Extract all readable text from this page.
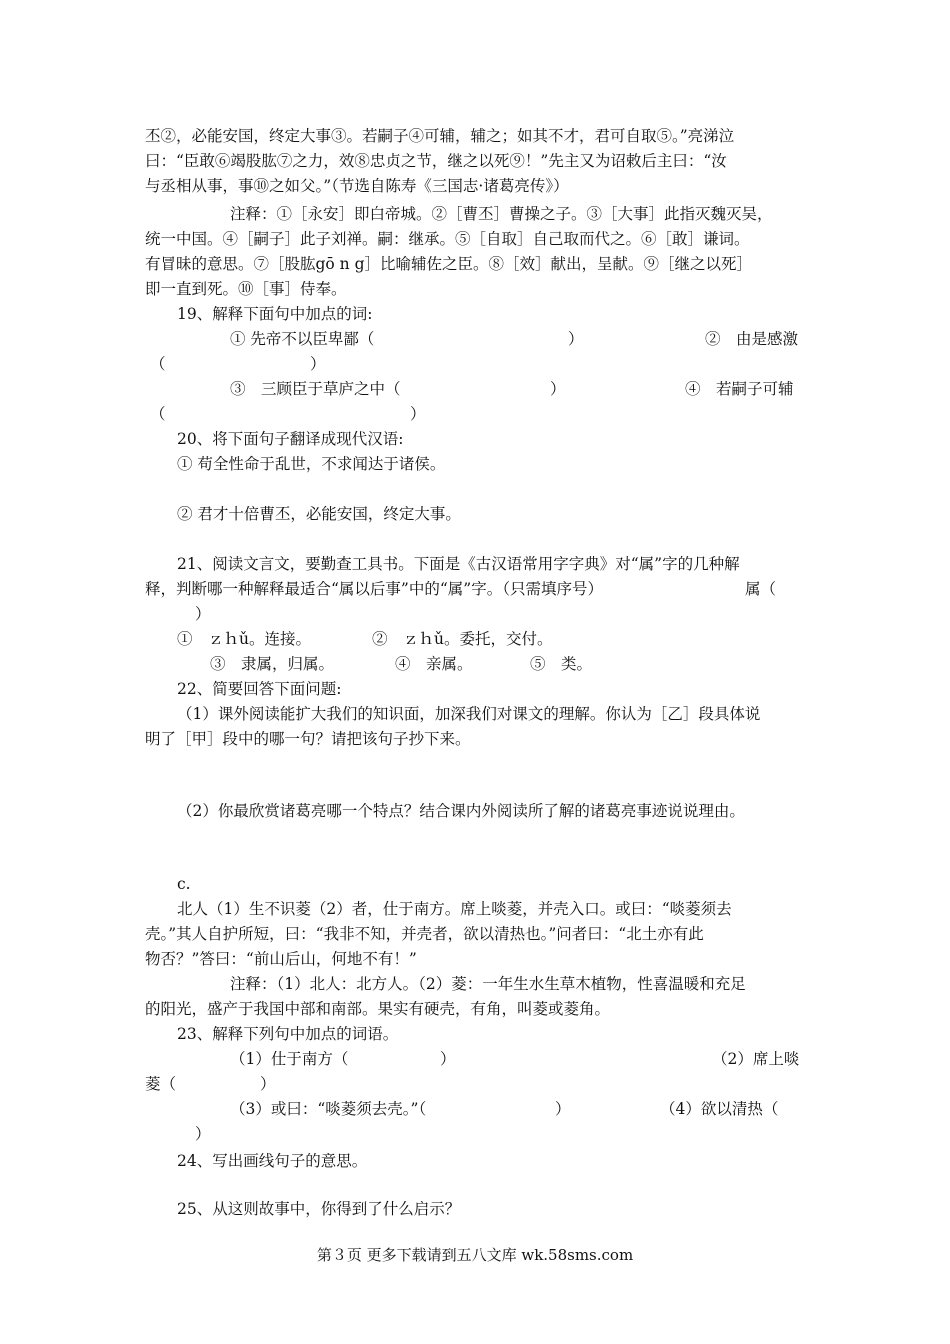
丕②，必能安国，终定大事③。若嗣子④可辅，辅之；如其不才，君可自取⑤。”亮涕泣
曰：“臣敢⑥竭股肱⑦之力，效⑧忠贞之节，继之以死⑨！”先主又为诏敕后主曰：“汝
与丞相从事，事⑩之如父。”（节选自陈寿《三国志·诸葛亮传》）
注释：①［永安］即白帝城。②［曹丕］曹操之子。③［大事］此指灭魏灭吴，
统一中国。④［嗣子］此子刘禅。嗣：继承。⑤［自取］自己取而代之。⑥［敢］谦词。
有冒昧的意思。⑦［股肱gō n g］比喻辅佐之臣。⑧［效］献出，呈献。⑨［继之以死］
即一直到死。⑩［事］侍奉。
19、解释下面句中加点的词:
① 先帝不以臣卑鄙（	）	②　由是感激
（	）
③　三顾臣于草庐之中（	）	④　若嗣子可辅
（	）
20、将下面句子翻译成现代汉语:
① 苟全性命于乱世，不求闻达于诸侯。
② 君才十倍曹丕，必能安国，终定大事。
21、阅读文言文，要勤查工具书。下面是《古汉语常用字字典》对“属”字的几种解
释，判断哪一种解释最适合“属以后事”中的“属”字。（只需填序号）	属（
）
①　ｚｈǔ。连接。	②　ｚｈǔ。委托，交付。
③　隶属，归属。	④　亲属。	⑤　类。
22、简要回答下面问题:
（1）课外阅读能扩大我们的知识面，加深我们对课文的理解。你认为［乙］段具体说
明了［甲］段中的哪一句？请把该句子抄下来。
（2）你最欣赏诸葛亮哪一个特点？结合课内外阅读所了解的诸葛亮事迹说说理由。
c.
北人（1）生不识菱（2）者，仕于南方。席上啖菱，并壳入口。或曰：“啖菱须去
壳。”其人自护所短，曰：“我非不知，并壳者，欲以清热也。”问者曰：“北土亦有此
物否？”答曰：“前山后山，何地不有！”
注释：（1）北人：北方人。（2）菱：一年生水生草木植物，性喜温暖和充足
的阳光，盛产于我国中部和南部。果实有硬壳，有角，叫菱或菱角。
23、解释下列句中加点的词语。
（1）仕于南方（	）	（2）席上啖
菱（	）
（3）或曰：“啖菱须去壳。”（	）	（4）欲以清热（
）
24、写出画线句子的意思。
25、从这则故事中，你得到了什么启示？
第３页 更多下载请到五八文库 wk.58sms.com
